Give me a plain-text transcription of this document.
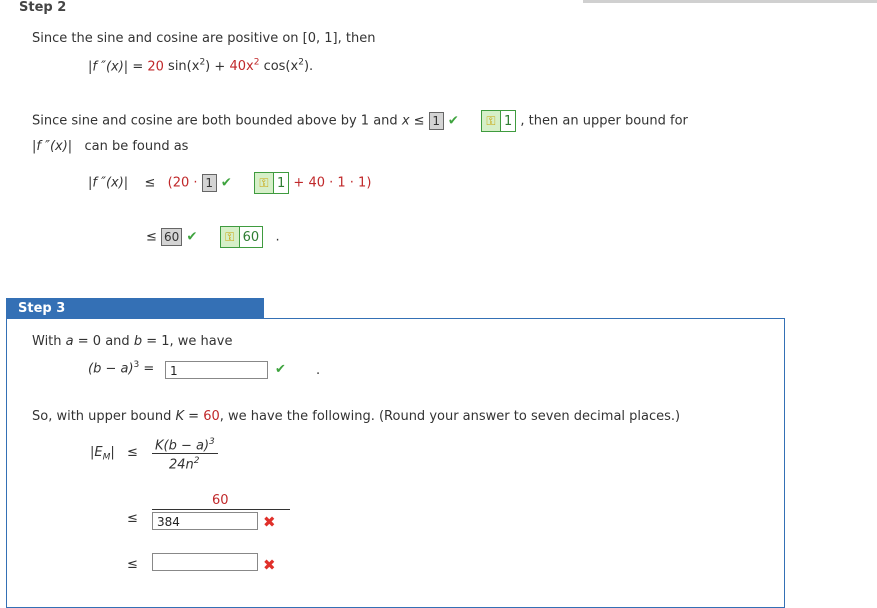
Step 2
Since the sine and cosine are positive on [0, 1], then
|f ″(x)| = 20 $\sin(x^2) + 40x^2$ $\cos(x^2)$.
Since sine and cosine are both bounded above by 1 and x ≤ 1 ✔ ⚿ 1 , then an upper bound for
|f ″(x)| can be found as
|f ″(x)| ≤ (20 · 1 ✔ ⚿ 1 + 40 · 1 · 1)
≤ 60 ✔ ⚿ 60 .
Step 3
With a = 0 and b = 1, we have
$(b - a)^3$ =	1	✔ .
So, with upper bound K = 60, we have the following. (Round your answer to seven decimal places.)
$|E_M| \le K(b - a)^3$
$24n^2$
60
≤	384	✖
≤	✖
